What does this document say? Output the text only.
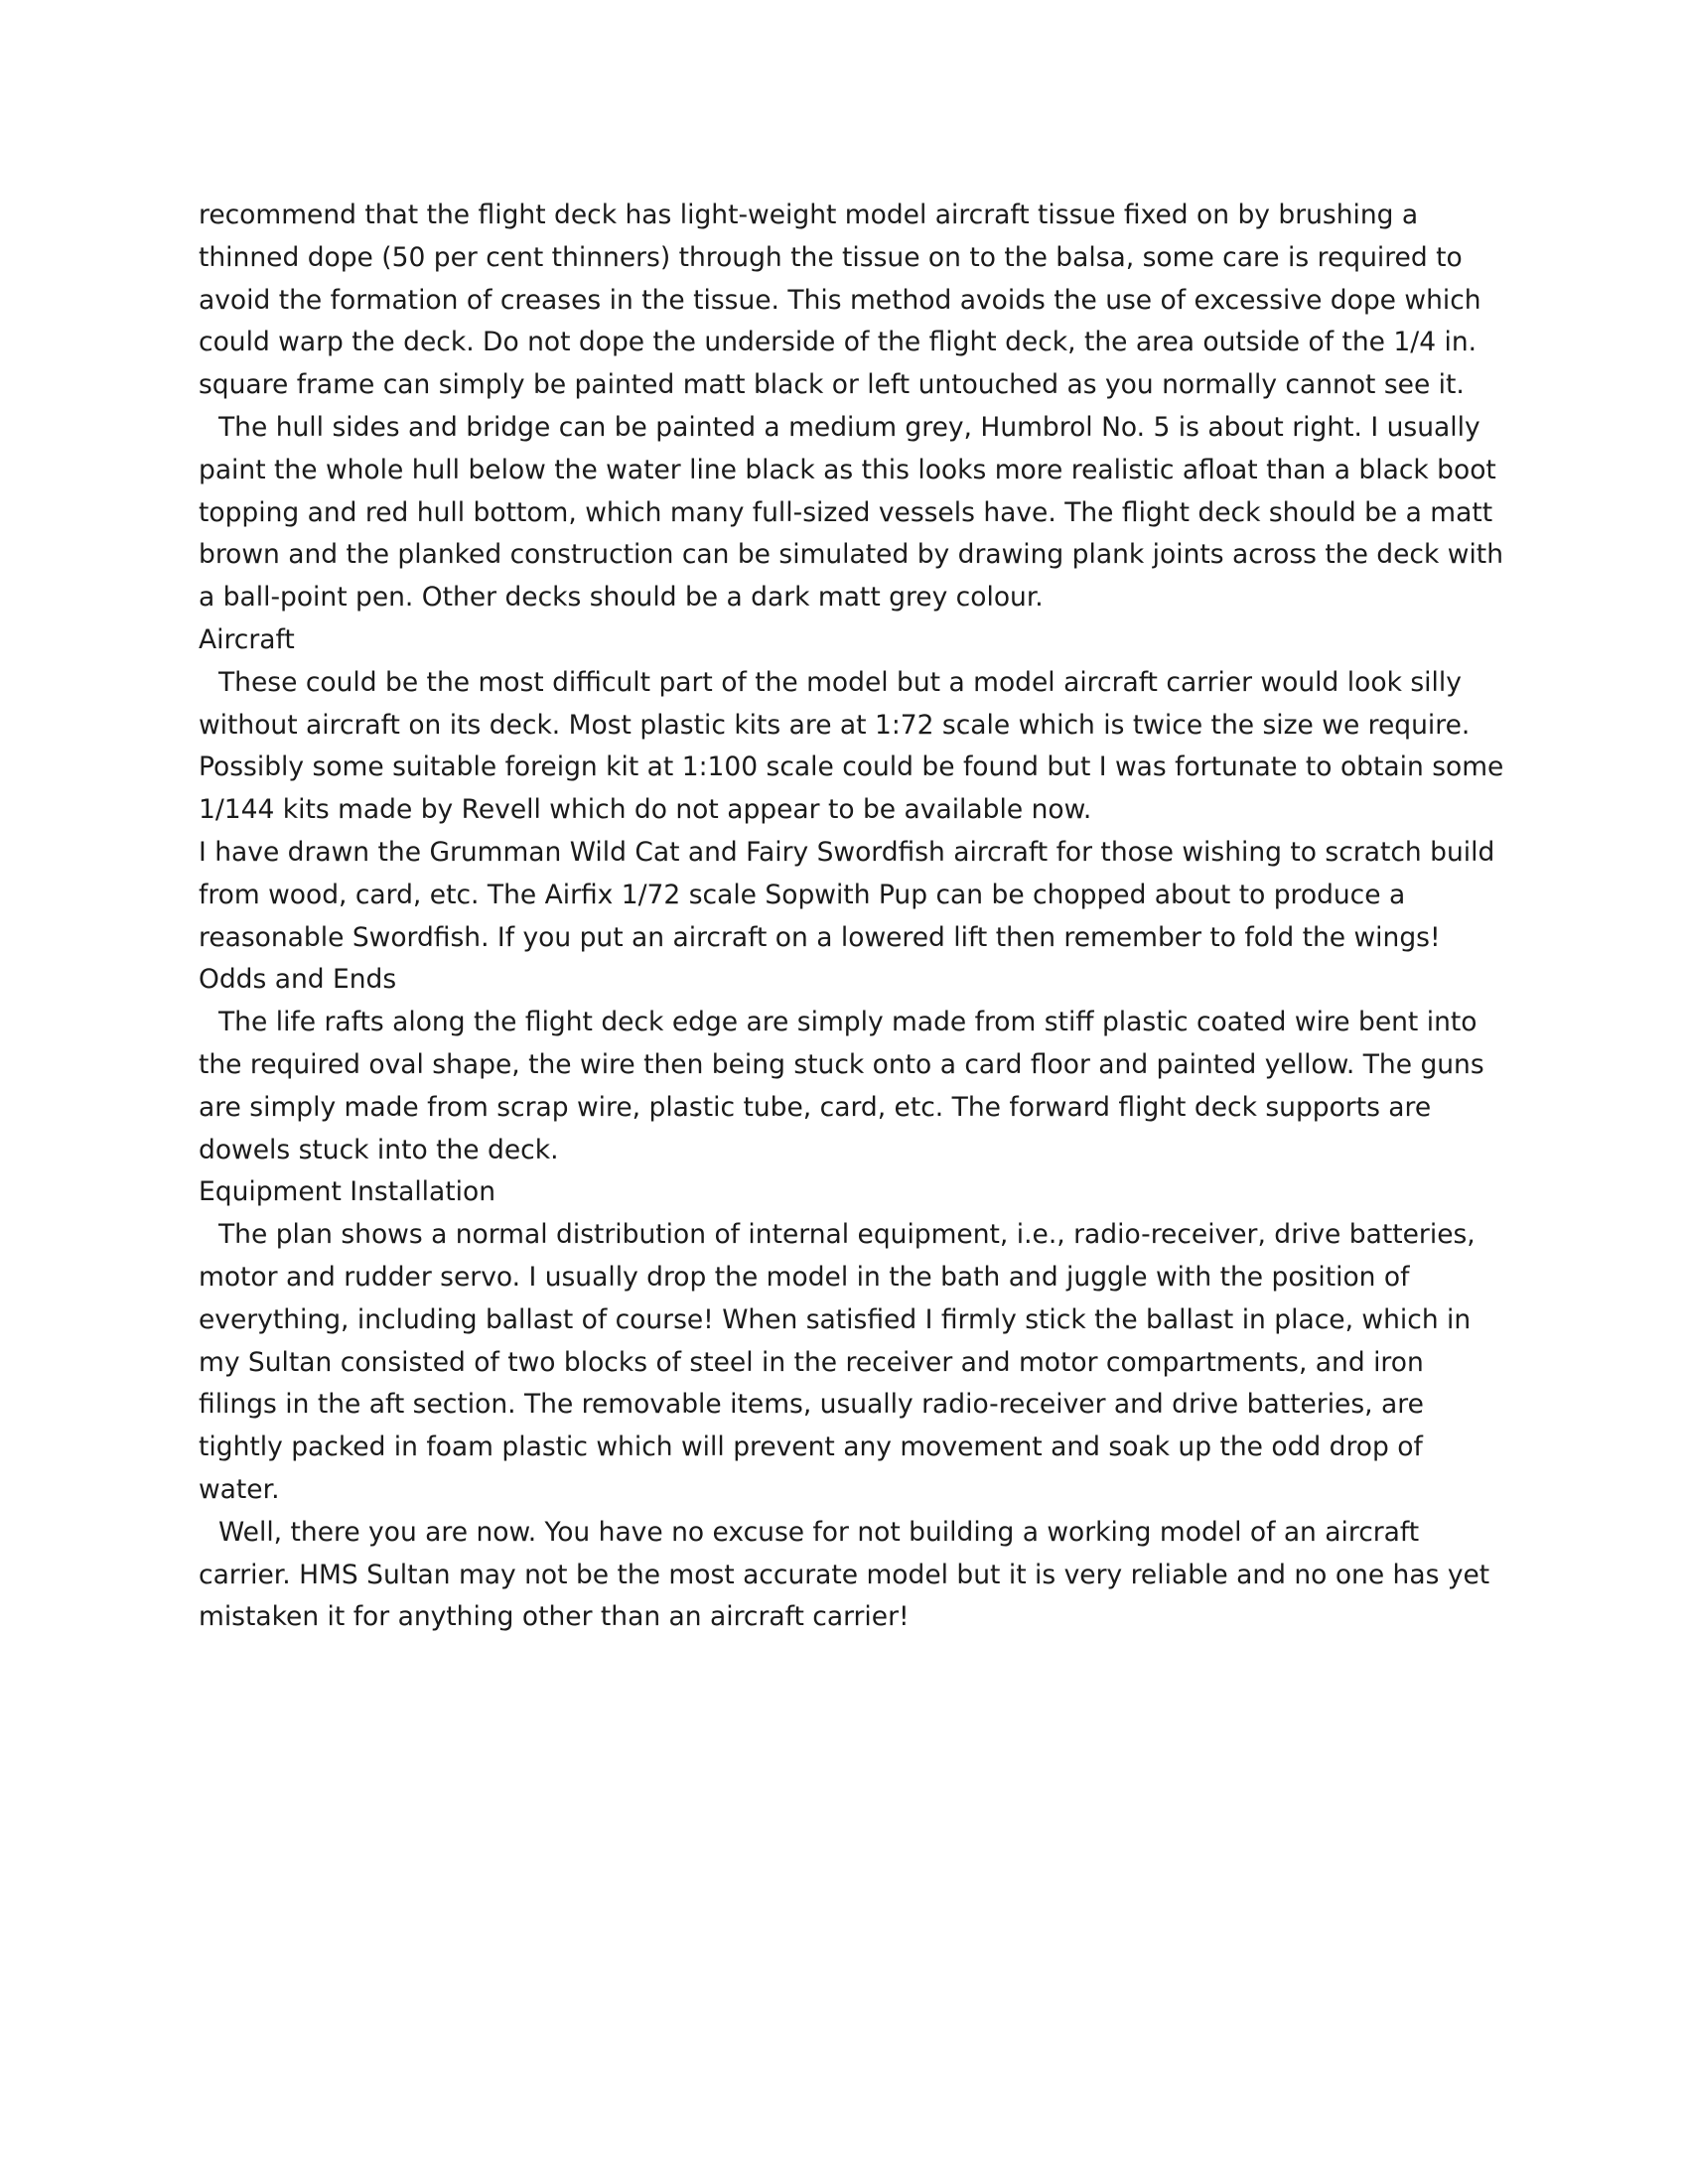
recommend that the flight deck has light-weight model aircraft tissue fixed on by brushing a thinned dope (50 per cent thinners) through the tissue on to the balsa, some care is required to avoid the formation of creases in the tissue. This method avoids the use of excessive dope which could warp the deck. Do not dope the underside of the flight deck, the area outside of the 1/4 in. square frame can simply be painted matt black or left untouched as you normally cannot see it.

The hull sides and bridge can be painted a medium grey, Humbrol No. 5 is about right. I usually paint the whole hull below the water line black as this looks more realistic afloat than a black boot topping and red hull bottom, which many full-sized vessels have. The flight deck should be a matt brown and the planked construction can be simulated by drawing plank joints across the deck with a ball-point pen. Other decks should be a dark matt grey colour.

Aircraft

These could be the most difficult part of the model but a model aircraft carrier would look silly without aircraft on its deck. Most plastic kits are at 1:72 scale which is twice the size we require. Possibly some suitable foreign kit at 1:100 scale could be found but I was fortunate to obtain some 1/144 kits made by Revell which do not appear to be available now.

I have drawn the Grumman Wild Cat and Fairy Swordfish aircraft for those wishing to scratch build from wood, card, etc. The Airfix 1/72 scale Sopwith Pup can be chopped about to produce a reasonable Swordfish. If you put an aircraft on a lowered lift then remember to fold the wings!

Odds and Ends

The life rafts along the flight deck edge are simply made from stiff plastic coated wire bent into the required oval shape, the wire then being stuck onto a card floor and painted yellow. The guns are simply made from scrap wire, plastic tube, card, etc. The forward flight deck supports are dowels stuck into the deck.

Equipment Installation

The plan shows a normal distribution of internal equipment, i.e., radio-receiver, drive batteries, motor and rudder servo. I usually drop the model in the bath and juggle with the position of everything, including ballast of course! When satisfied I firmly stick the ballast in place, which in my Sultan consisted of two blocks of steel in the receiver and motor compartments, and iron filings in the aft section. The removable items, usually radio-receiver and drive batteries, are tightly packed in foam plastic which will prevent any movement and soak up the odd drop of water.

Well, there you are now. You have no excuse for not building a working model of an aircraft carrier. HMS Sultan may not be the most accurate model but it is very reliable and no one has yet mistaken it for anything other than an aircraft carrier!
